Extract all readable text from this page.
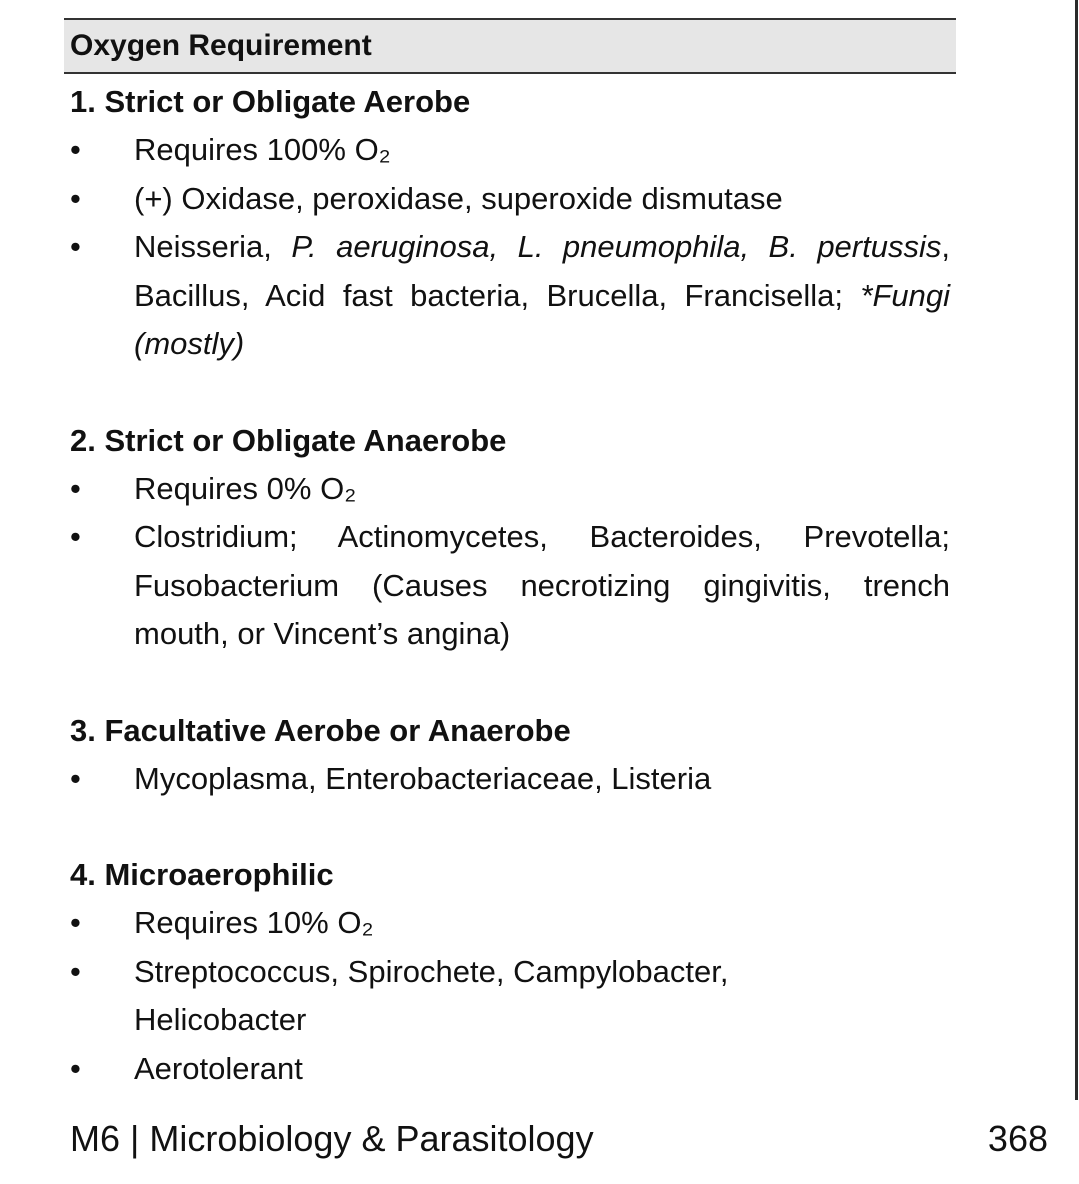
Oxygen Requirement
1. Strict or Obligate Aerobe
• Requires 100% O₂
• (+) Oxidase, peroxidase, superoxide dismutase
• Neisseria, P. aeruginosa, L. pneumophila, B. pertussis, Bacillus, Acid fast bacteria, Brucella, Francisella; *Fungi (mostly)
2. Strict or Obligate Anaerobe
• Requires 0% O₂
• Clostridium; Actinomycetes, Bacteroides, Prevotella; Fusobacterium (Causes necrotizing gingivitis, trench mouth, or Vincent’s angina)
3. Facultative Aerobe or Anaerobe
• Mycoplasma, Enterobacteriaceae, Listeria
4. Microaerophilic
• Requires 10% O₂
• Streptococcus, Spirochete, Campylobacter, Helicobacter
• Aerotolerant
M6 | Microbiology & Parasitology	368
